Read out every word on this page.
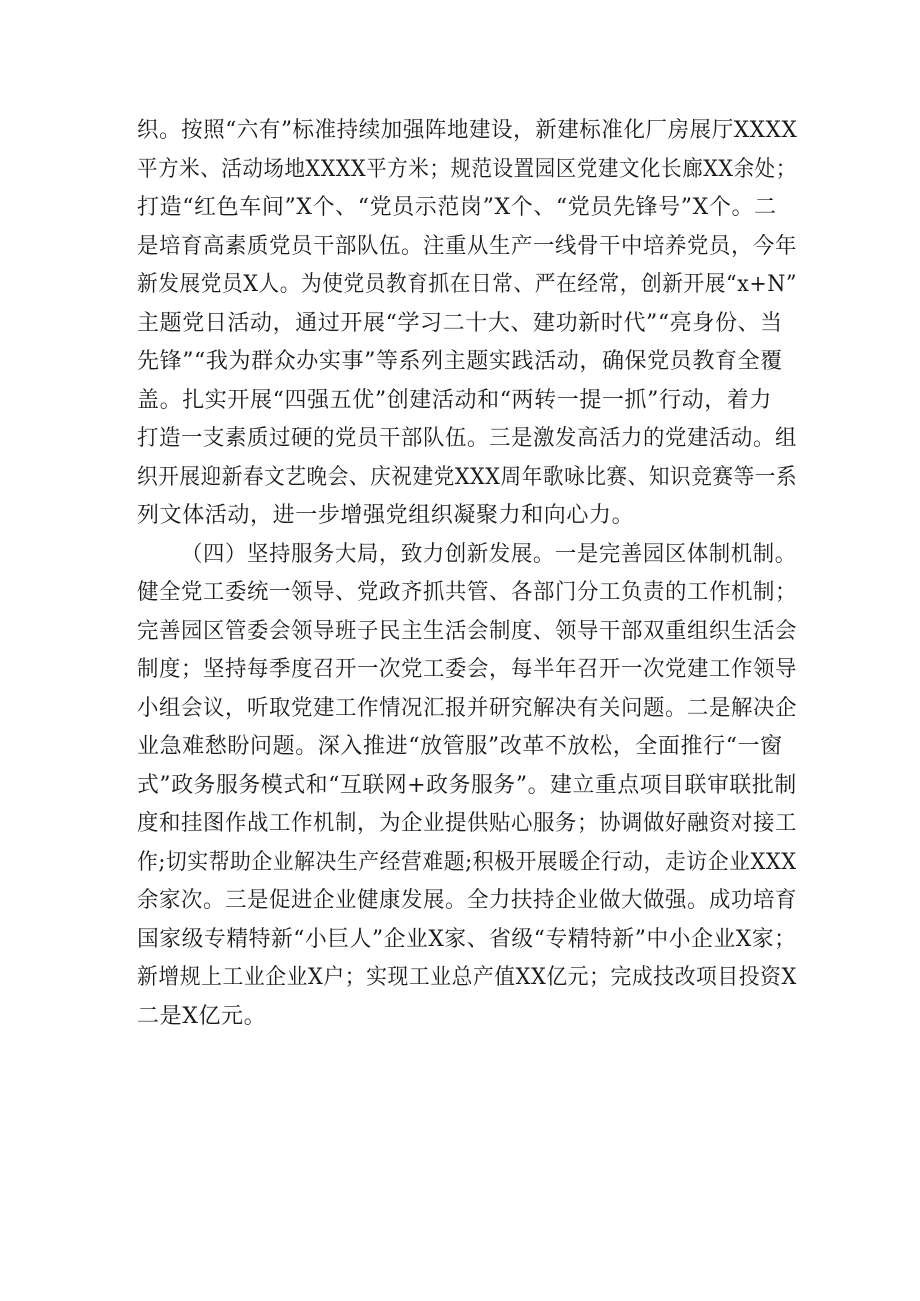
织。按照“六有”标准持续加强阵地建设，新建标准化厂房展厅XXXX
平方米、活动场地XXXX平方米；规范设置园区党建文化长廊XX余处；
打造“红色车间”X个、“党员示范岗”X个、“党员先锋号”X个。二
是培育高素质党员干部队伍。注重从生产一线骨干中培养党员，今年
新发展党员X人。为使党员教育抓在日常、严在经常，创新开展“x+N”
主题党日活动，通过开展“学习二十大、建功新时代”“亮身份、当
先锋”“我为群众办实事”等系列主题实践活动，确保党员教育全覆
盖。扎实开展“四强五优”创建活动和“两转一提一抓”行动，着力
打造一支素质过硬的党员干部队伍。三是激发高活力的党建活动。组
织开展迎新春文艺晚会、庆祝建党XXX周年歌咏比赛、知识竞赛等一系
列文体活动，进一步增强党组织凝聚力和向心力。
（四）坚持服务大局，致力创新发展。一是完善园区体制机制。
健全党工委统一领导、党政齐抓共管、各部门分工负责的工作机制；
完善园区管委会领导班子民主生活会制度、领导干部双重组织生活会
制度；坚持每季度召开一次党工委会，每半年召开一次党建工作领导
小组会议，听取党建工作情况汇报并研究解决有关问题。二是解决企
业急难愁盼问题。深入推进“放管服”改革不放松，全面推行“一窗
式”政务服务模式和“互联网+政务服务”。建立重点项目联审联批制
度和挂图作战工作机制，为企业提供贴心服务；协调做好融资对接工
作;切实帮助企业解决生产经营难题;积极开展暖企行动，走访企业XXX
余家次。三是促进企业健康发展。全力扶持企业做大做强。成功培育
国家级专精特新“小巨人”企业X家、省级“专精特新”中小企业X家；
新增规上工业企业X户；实现工业总产值XX亿元；完成技改项目投资X
二是X亿元。
